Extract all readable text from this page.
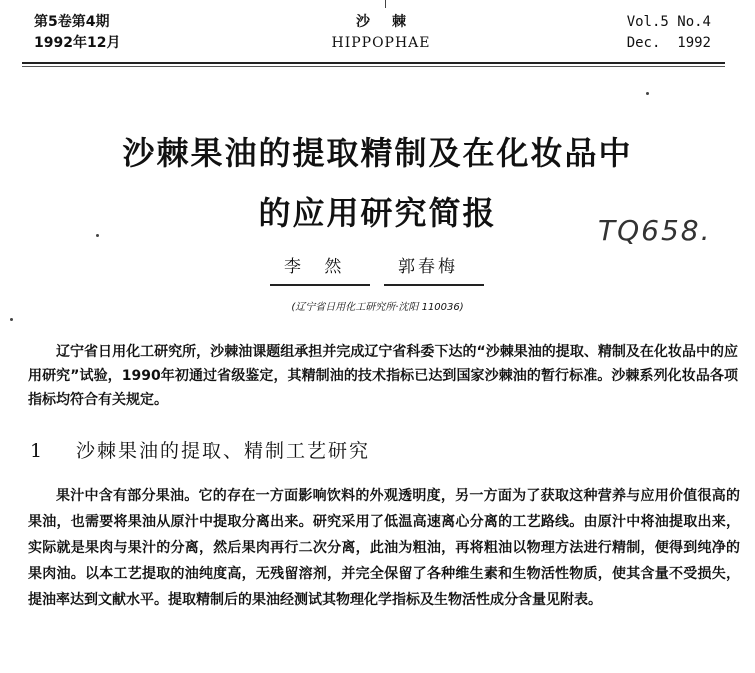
第5卷第4期
1992年12月
沙棘
HIPPOPHAE
Vol.5 No.4
Dec.  1992
沙棘果油的提取精制及在化妆品中
的应用研究简报	TQ658.
李 然	郭春梅
(辽宁省日用化工研究所·沈阳 110036)
辽宁省日用化工研究所，沙棘油课题组承担并完成辽宁省科委下达的“沙棘果油的提取、精制及在化妆品中的应用研究”试验，1990年初通过省级鉴定，其精制油的技术指标已达到国家沙棘油的暂行标准。沙棘系列化妆品各项指标均符合有关规定。
1 沙棘果油的提取、精制工艺研究
果汁中含有部分果油。它的存在一方面影响饮料的外观透明度，另一方面为了获取这种营养与应用价值很高的果油，也需要将果油从原汁中提取分离出来。研究采用了低温高速离心分离的工艺路线。由原汁中将油提取出来，实际就是果肉与果汁的分离，然后果肉再行二次分离，此油为粗油，再将粗油以物理方法进行精制，便得到纯净的果肉油。以本工艺提取的油纯度高，无残留溶剂，并完全保留了各种维生素和生物活性物质，使其含量不受损失，提油率达到文献水平。提取精制后的果油经测试其物理化学指标及生物活性成分含量见附表。
